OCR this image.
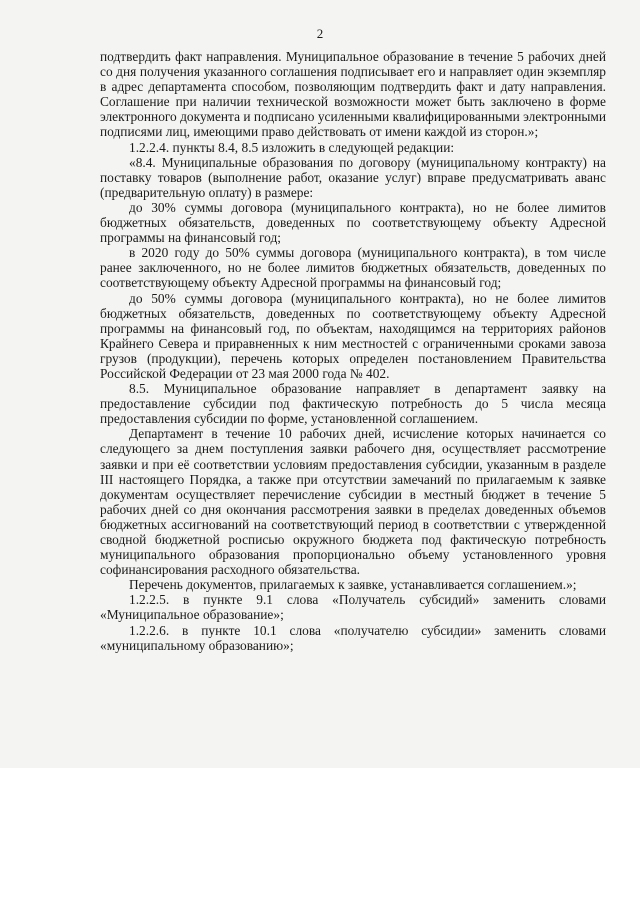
2

подтвердить факт направления. Муниципальное образование в течение 5 рабочих дней со дня получения указанного соглашения подписывает его и направляет один экземпляр в адрес департамента способом, позволяющим подтвердить факт и дату направления. Соглашение при наличии технической возможности может быть заключено в форме электронного документа и подписано усиленными квалифицированными электронными подписями лиц, имеющими право действовать от имени каждой из сторон.»;

1.2.2.4. пункты 8.4, 8.5 изложить в следующей редакции:

«8.4. Муниципальные образования по договору (муниципальному контракту) на поставку товаров (выполнение работ, оказание услуг) вправе предусматривать аванс (предварительную оплату) в размере:

до 30% суммы договора (муниципального контракта), но не более лимитов бюджетных обязательств, доведенных по соответствующему объекту Адресной программы на финансовый год;

в 2020 году до 50% суммы договора (муниципального контракта), в том числе ранее заключенного, но не более лимитов бюджетных обязательств, доведенных по соответствующему объекту Адресной программы на финансовый год;

до 50% суммы договора (муниципального контракта), но не более лимитов бюджетных обязательств, доведенных по соответствующему объекту Адресной программы на финансовый год, по объектам, находящимся на территориях районов Крайнего Севера и приравненных к ним местностей с ограниченными сроками завоза грузов (продукции), перечень которых определен постановлением Правительства Российской Федерации от 23 мая 2000 года № 402.

8.5. Муниципальное образование направляет в департамент заявку на предоставление субсидии под фактическую потребность до 5 числа месяца предоставления субсидии по форме, установленной соглашением.

Департамент в течение 10 рабочих дней, исчисление которых начинается со следующего за днем поступления заявки рабочего дня, осуществляет рассмотрение заявки и при её соответствии условиям предоставления субсидии, указанным в разделе III настоящего Порядка, а также при отсутствии замечаний по прилагаемым к заявке документам осуществляет перечисление субсидии в местный бюджет в течение 5 рабочих дней со дня окончания рассмотрения заявки в пределах доведенных объемов бюджетных ассигнований на соответствующий период в соответствии с утвержденной сводной бюджетной росписью окружного бюджета под фактическую потребность муниципального образования пропорционально объему установленного уровня софинансирования расходного обязательства.

Перечень документов, прилагаемых к заявке, устанавливается соглашением.»;

1.2.2.5. в пункте 9.1 слова «Получатель субсидий» заменить словами «Муниципальное образование»;

1.2.2.6. в пункте 10.1 слова «получателю субсидии» заменить словами «муниципальному образованию»;
